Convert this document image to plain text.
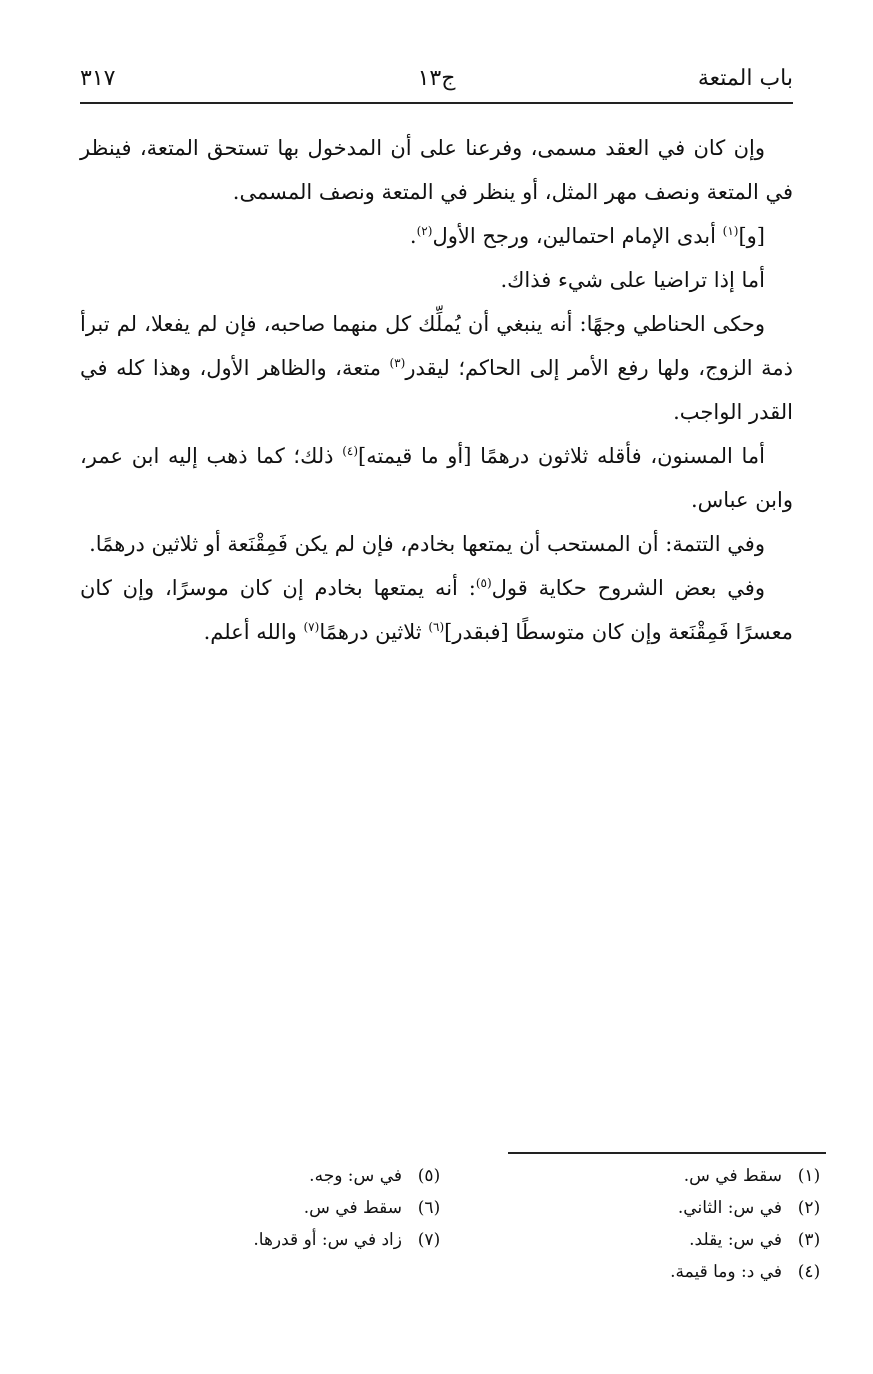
باب المتعة
ج١٣
٣١٧

وإن كان في العقد مسمى، وفرعنا على أن المدخول بها تستحق المتعة، فينظر في المتعة ونصف مهر المثل، أو ينظر في المتعة ونصف المسمى.

[و]$^{(١)}$ أبدى الإمام احتمالين، ورجح الأول$^{(٢)}$.

أما إذا تراضيا على شيء فذاك.

وحكى الحناطي وجهًا: أنه ينبغي أن يُملِّك كل منهما صاحبه، فإن لم يفعلا، لم تبرأ ذمة الزوج، ولها رفع الأمر إلى الحاكم؛ ليقدر$^{(٣)}$ متعة، والظاهر الأول، وهذا كله في القدر الواجب.

أما المسنون، فأقله ثلاثون درهمًا [أو ما قيمته]$^{(٤)}$ ذلك؛ كما ذهب إليه ابن عمر، وابن عباس.

وفي التتمة: أن المستحب أن يمتعها بخادم، فإن لم يكن فَمِقْنَعة أو ثلاثين درهمًا.

وفي بعض الشروح حكاية قول$^{(٥)}$: أنه يمتعها بخادم إن كان موسرًا، وإن كان معسرًا فَمِقْنَعة وإن كان متوسطًا [فبقدر]$^{(٦)}$ ثلاثين درهمًا$^{(٧)}$ والله أعلم.

(١)
سقط في س.
(٢)
في س: الثاني.
(٣)
في س: يقلد.
(٤)
في د: وما قيمة.
(٥)
في س: وجه.
(٦)
سقط في س.
(٧)
زاد في س: أو قدرها.
